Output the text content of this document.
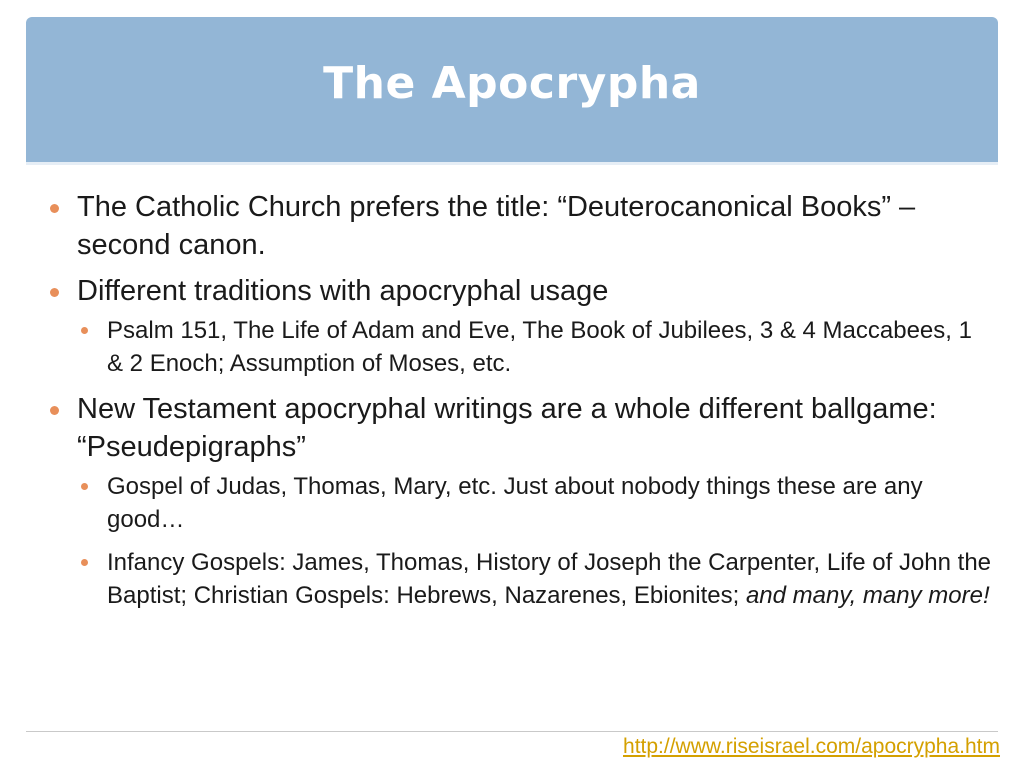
The Apocrypha
The Catholic Church prefers the title: “Deuterocanonical Books” – second canon.
Different traditions with apocryphal usage
Psalm 151, The Life of Adam and Eve, The Book of Jubilees, 3 & 4 Maccabees, 1 & 2 Enoch; Assumption of Moses, etc.
New Testament apocryphal writings are a whole different ballgame: “Pseudepigraphs”
Gospel of Judas, Thomas, Mary, etc. Just about nobody things these are any good…
Infancy Gospels: James, Thomas, History of Joseph the Carpenter, Life of John the Baptist; Christian Gospels: Hebrews, Nazarenes, Ebionites; and many, many more!
http://www.riseisrael.com/apocrypha.htm
